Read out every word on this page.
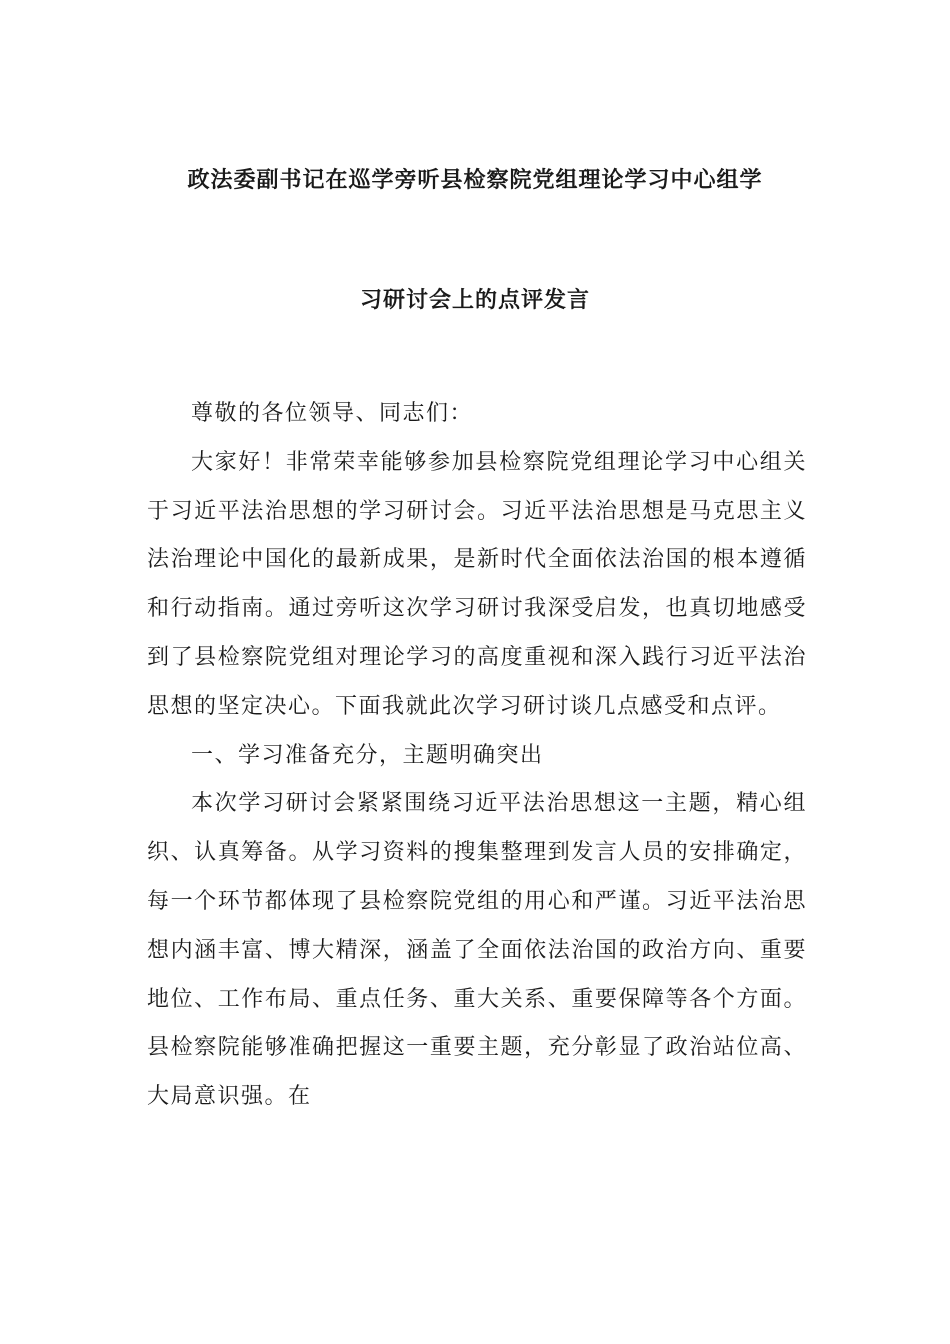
政法委副书记在巡学旁听县检察院党组理论学习中心组学
习研讨会上的点评发言

尊敬的各位领导、同志们：

大家好！非常荣幸能够参加县检察院党组理论学习中心组关于习近平法治思想的学习研讨会。习近平法治思想是马克思主义法治理论中国化的最新成果，是新时代全面依法治国的根本遵循和行动指南。通过旁听这次学习研讨我深受启发，也真切地感受到了县检察院党组对理论学习的高度重视和深入践行习近平法治思想的坚定决心。下面我就此次学习研讨谈几点感受和点评。

一、学习准备充分，主题明确突出

本次学习研讨会紧紧围绕习近平法治思想这一主题，精心组织、认真筹备。从学习资料的搜集整理到发言人员的安排确定，每一个环节都体现了县检察院党组的用心和严谨。习近平法治思想内涵丰富、博大精深，涵盖了全面依法治国的政治方向、重要地位、工作布局、重点任务、重大关系、重要保障等各个方面。县检察院能够准确把握这一重要主题，充分彰显了政治站位高、大局意识强。在
